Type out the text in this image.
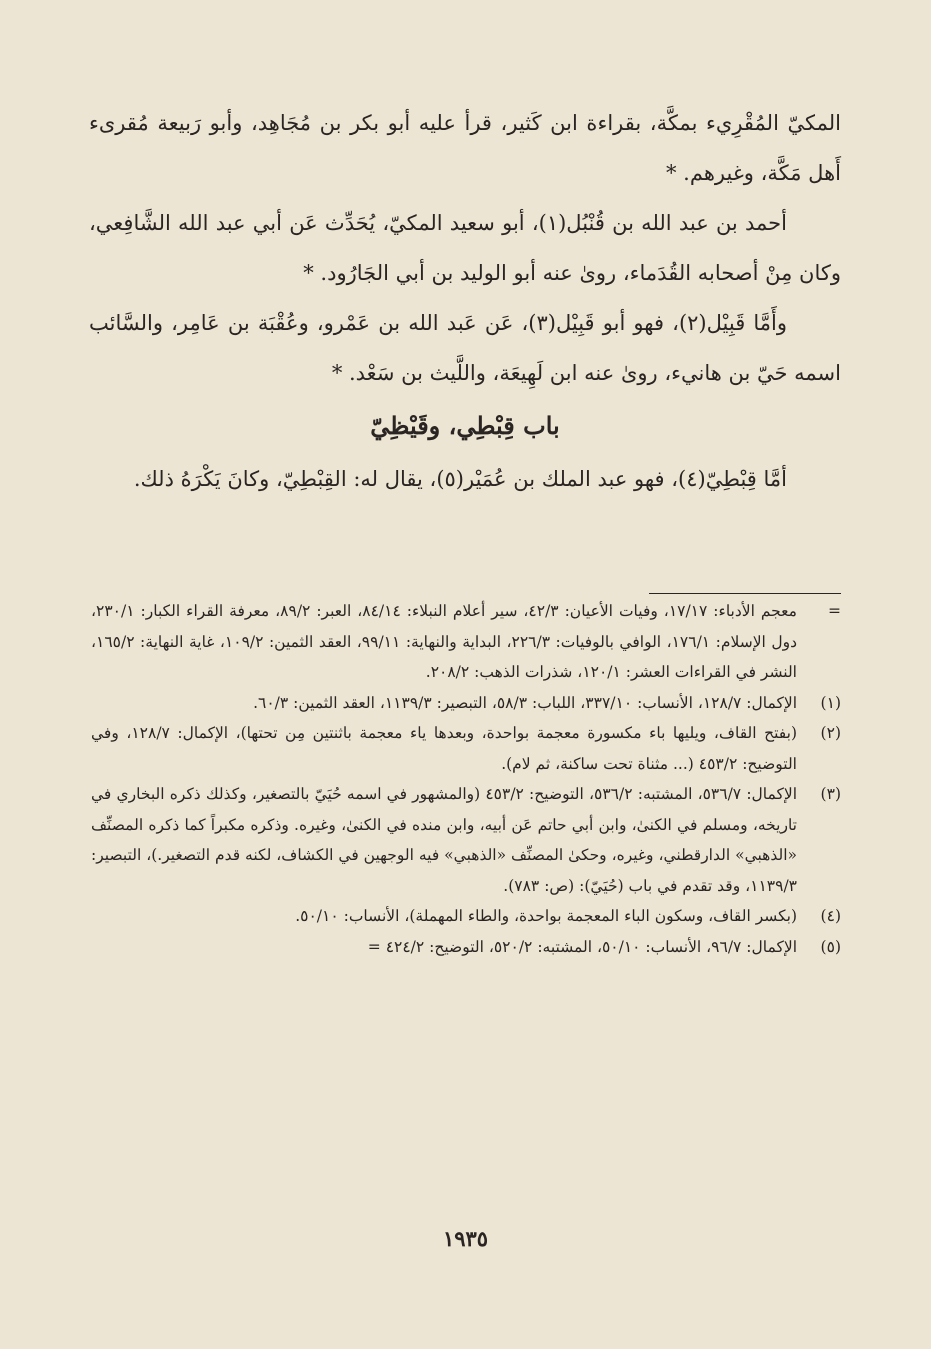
المكيّ المُقْرِيء بمكَّة، بقراءة ابن كَثير، قرأ عليه أبو بكر بن مُجَاهِد، وأبو رَبيعة مُقرىء أَهل مَكَّة، وغيرهم. *

أحمد بن عبد الله بن قُنْبُل(١)، أبو سعيد المكيّ، يُحَدِّث عَن أبي عبد الله الشَّافِعي، وكان مِنْ أصحابه القُدَماء، روىٰ عنه أبو الوليد بن أبي الجَارُود. *

وأَمَّا قَبِيْل(٢)، فهو أبو قَبِيْل(٣)، عَن عَبد الله بن عَمْرو، وعُقْبَة بن عَامِر، والسَّائب اسمه حَيّ بن هانيء، روىٰ عنه ابن لَهِيعَة، واللَّيث بن سَعْد. *

باب قِبْطِي، وقَيْظِيّ

أمَّا قِبْطِيّ(٤)، فهو عبد الملك بن عُمَيْر(٥)، يقال له: القِبْطِيّ، وكانَ يَكْرَهُ ذلك.

=
معجم الأدباء: ١٧/١٧، وفيات الأعيان: ٤٢/٣، سير أعلام النبلاء: ٨٤/١٤، العبر: ٨٩/٢، معرفة القراء الكبار: ٢٣٠/١، دول الإسلام: ١٧٦/١، الوافي بالوفيات: ٢٢٦/٣، البداية والنهاية: ٩٩/١١، العقد الثمين: ١٠٩/٢، غاية النهاية: ١٦٥/٢، النشر في القراءات العشر: ١٢٠/١، شذرات الذهب: ٢٠٨/٢.
(١)
الإكمال: ١٢٨/٧، الأنساب: ٣٣٧/١٠، اللباب: ٥٨/٣، التبصير: ١١٣٩/٣، العقد الثمين: ٦٠/٣.
(٢)
(بفتح القاف، ويليها باء مكسورة معجمة بواحدة، وبعدها ياء معجمة باثنتين مِن تحتها)، الإكمال: ١٢٨/٧، وفي التوضيح: ٤٥٣/٢ (... مثناة تحت ساكنة، ثم لام).
(٣)
الإكمال: ٥٣٦/٧، المشتبه: ٥٣٦/٢، التوضيح: ٤٥٣/٢ (والمشهور في اسمه حُيَيّ بالتصغير، وكذلك ذكره البخاري في تاريخه، ومسلم في الكنىٰ، وابن أبي حاتم عَن أبيه، وابن منده في الكنىٰ، وغيره. وذكره مكبراً كما ذكره المصنِّف «الذهبي» الدارقطني، وغيره، وحكىٰ المصنِّف «الذهبي» فيه الوجهين في الكشاف، لكنه قدم التصغير.)، التبصير: ١١٣٩/٣، وقد تقدم في باب (حُيَيّ): (ص: ٧٨٣).
(٤)
(بكسر القاف، وسكون الباء المعجمة بواحدة، والطاء المهملة)، الأنساب: ٥٠/١٠.
(٥)
الإكمال: ٩٦/٧، الأنساب: ٥٠/١٠، المشتبه: ٥٢٠/٢، التوضيح: ٤٢٤/٢ =
١٩٣٥
